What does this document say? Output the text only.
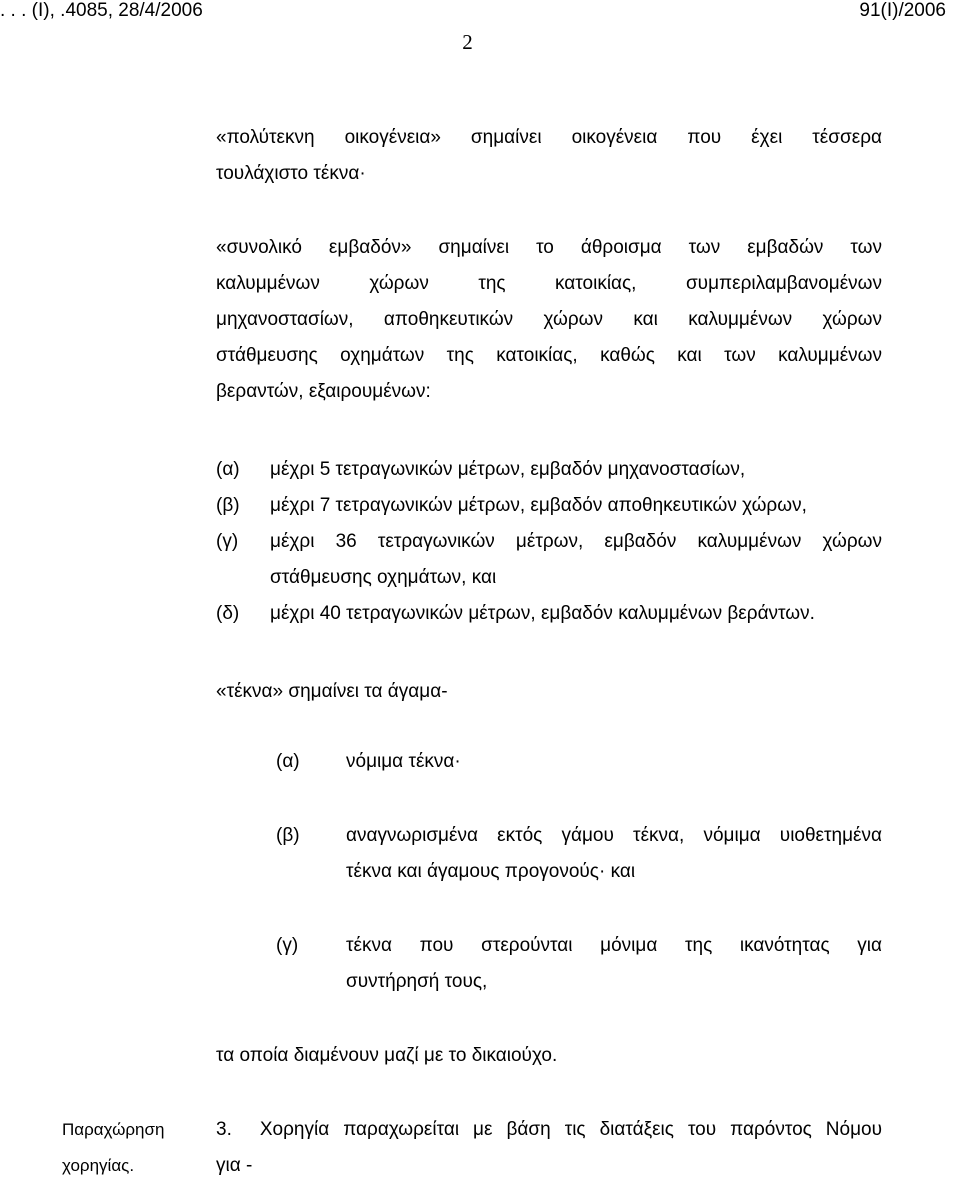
. . . (Ι), .4085, 28/4/2006	91(Ι)/2006
2
«πολύτεκνη οικογένεια» σημαίνει οικογένεια που έχει τέσσερα
τουλάχιστο τέκνα·
«συνολικό εμβαδόν» σημαίνει το άθροισμα των εμβαδών των
καλυμμένων χώρων της κατοικίας, συμπεριλαμβανομένων
μηχανοστασίων, αποθηκευτικών χώρων και καλυμμένων χώρων
στάθμευσης οχημάτων της κατοικίας, καθώς και των καλυμμένων
βεραντών, εξαιρουμένων:
(α) μέχρι 5 τετραγωνικών μέτρων, εμβαδόν μηχανοστασίων,
(β) μέχρι 7 τετραγωνικών μέτρων, εμβαδόν αποθηκευτικών χώρων,
(γ) μέχρι 36 τετραγωνικών μέτρων, εμβαδόν καλυμμένων χώρων
στάθμευσης οχημάτων, και
(δ) μέχρι 40 τετραγωνικών μέτρων, εμβαδόν καλυμμένων βεράντων.
«τέκνα» σημαίνει τα άγαμα-
(α) νόμιμα τέκνα·
(β) αναγνωρισμένα εκτός γάμου τέκνα, νόμιμα υιοθετημένα
τέκνα και άγαμους προγονούς· και
(γ)	τέκνα που στερούνται μόνιμα της ικανότητας για
συντήρησή τους,
τα οποία διαμένουν μαζί με το δικαιούχο.
Παραχώρηση
χορηγίας.
3. Χορηγία παραχωρείται με βάση τις διατάξεις του παρόντος Νόμου
για -
